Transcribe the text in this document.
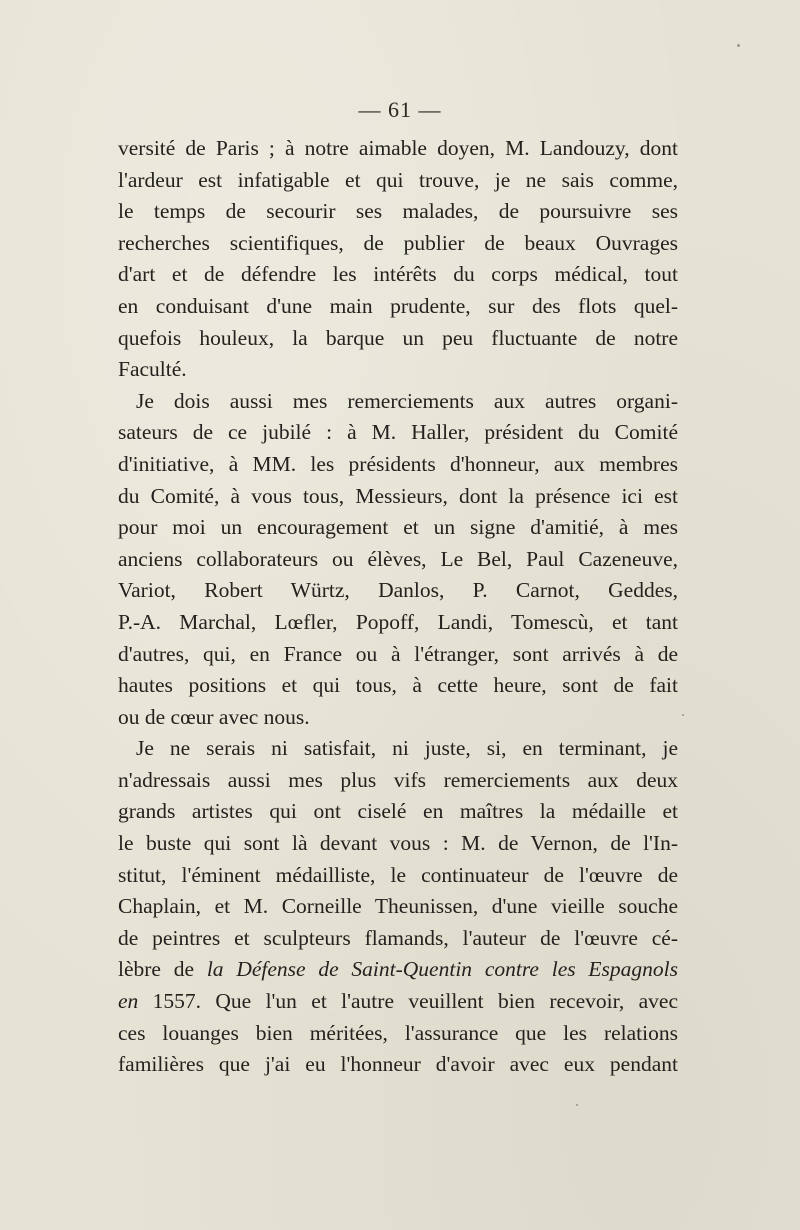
— 61 —
versité de Paris ; à notre aimable doyen, M. Landouzy, dont
l'ardeur est infatigable et qui trouve, je ne sais comme,
le temps de secourir ses malades, de poursuivre ses
recherches scientifiques, de publier de beaux Ouvrages
d'art et de défendre les intérêts du corps médical, tout
en conduisant d'une main prudente, sur des flots quel-
quefois houleux, la barque un peu fluctuante de notre
Faculté.
Je dois aussi mes remerciements aux autres organi-
sateurs de ce jubilé : à M. Haller, président du Comité
d'initiative, à MM. les présidents d'honneur, aux membres
du Comité, à vous tous, Messieurs, dont la présence ici est
pour moi un encouragement et un signe d'amitié, à mes
anciens collaborateurs ou élèves, Le Bel, Paul Cazeneuve,
Variot, Robert Würtz, Danlos, P. Carnot, Geddes,
P.-A. Marchal, Lœfler, Popoff, Landi, Tomescù, et tant
d'autres, qui, en France ou à l'étranger, sont arrivés à de
hautes positions et qui tous, à cette heure, sont de fait
ou de cœur avec nous.
Je ne serais ni satisfait, ni juste, si, en terminant, je
n'adressais aussi mes plus vifs remerciements aux deux
grands artistes qui ont ciselé en maîtres la médaille et
le buste qui sont là devant vous : M. de Vernon, de l'In-
stitut, l'éminent médailliste, le continuateur de l'œuvre de
Chaplain, et M. Corneille Theunissen, d'une vieille souche
de peintres et sculpteurs flamands, l'auteur de l'œuvre cé-
lèbre de la Défense de Saint-Quentin contre les Espagnols
en 1557. Que l'un et l'autre veuillent bien recevoir, avec
ces louanges bien méritées, l'assurance que les relations
familières que j'ai eu l'honneur d'avoir avec eux pendant
